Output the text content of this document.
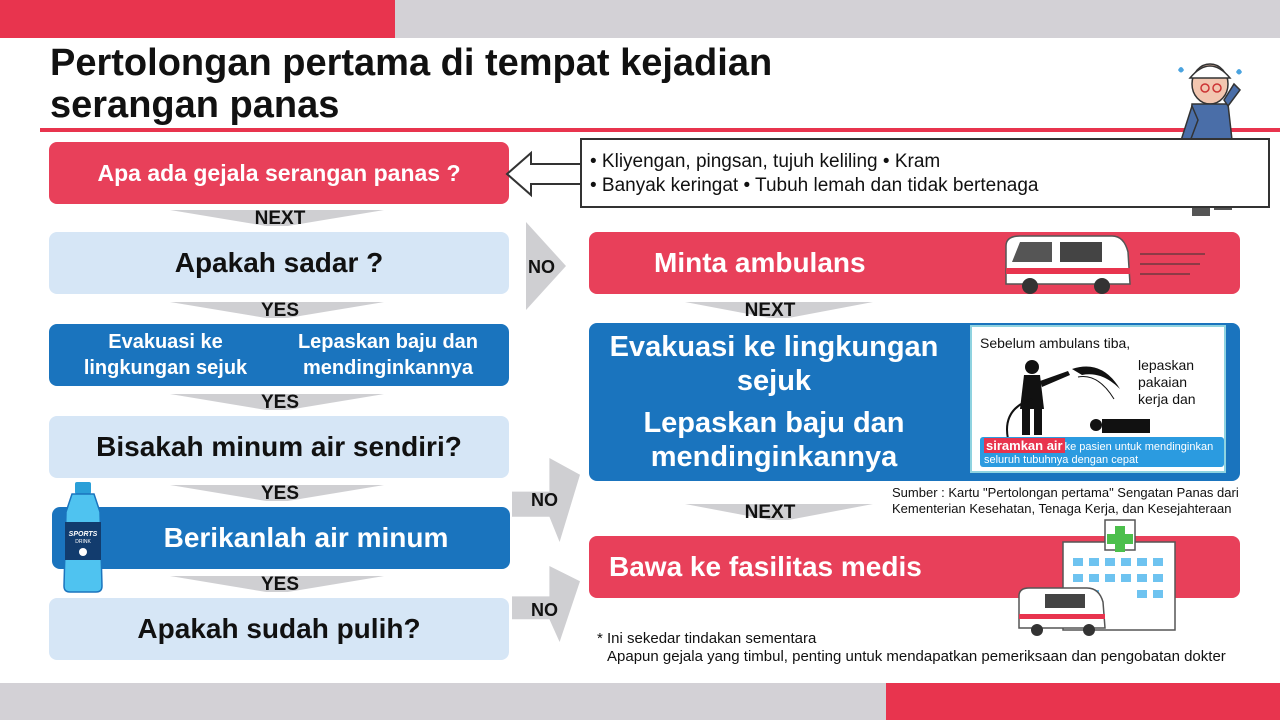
Pertolongan pertama di tempat kejadian serangan panas
Apa ada gejala serangan panas ?	• Kliyengan, pingsan, tujuh keliling • Kram
• Banyak keringat • Tubuh lemah dan tidak bertenaga
NEXT
Apakah sadar ?
YES
Evakuasi ke lingkungan sejuk
Lepaskan baju dan mendinginkannya
YES
Bisakah minum air sendiri?
YES
Berikanlah air minum
SPORTS
DRINK
YES
Apakah sudah pulih?
NO
NO
NO
Minta ambulans
NEXT
Evakuasi ke lingkungan sejuk
Lepaskan baju dan mendinginkannya
Sebelum ambulans tiba,
lepaskan pakaian kerja dan
siramkan air ke pasien untuk mendinginkan seluruh tubuhnya dengan cepat
Sumber : Kartu "Pertolongan pertama" Sengatan Panas dari Kementerian Kesehatan, Tenaga Kerja, dan Kesejahteraan
NEXT
Bawa ke fasilitas medis
* Ini sekedar tindakan sementara
Apapun gejala yang timbul, penting untuk mendapatkan pemeriksaan dan pengobatan dokter
